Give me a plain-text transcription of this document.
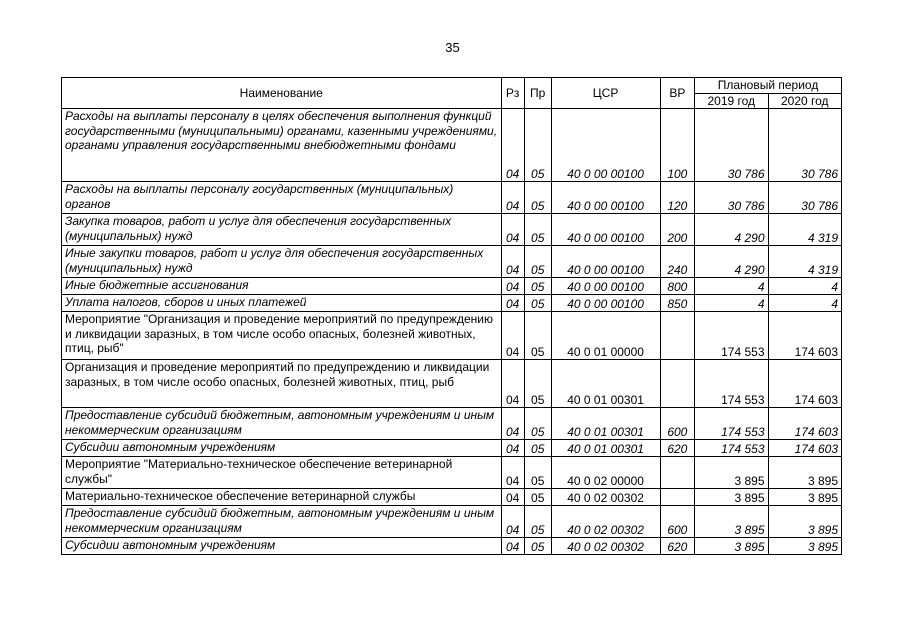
35
Наименование	Рз	Пр	ЦСР	ВР	Плановый период	
					2019 год	2020 год
Расходы на выплаты персоналу в целях обеспечения выполнения функций государственными (муниципальными) органами, казенными учреждениями, органами управления государственными внебюджетными фондами	04	05	40 0 00 00100	100	30 786	30 786
Расходы на выплаты персоналу государственных (муниципальных) органов	04	05	40 0 00 00100	120	30 786	30 786
Закупка товаров, работ и услуг для обеспечения государственных (муниципальных) нужд	04	05	40 0 00 00100	200	4 290	4 319
Иные закупки товаров, работ и услуг для обеспечения государственных (муниципальных) нужд	04	05	40 0 00 00100	240	4 290	4 319
Иные бюджетные ассигнования	04	05	40 0 00 00100	800	4	4
Уплата налогов, сборов и иных платежей	04	05	40 0 00 00100	850	4	4
Мероприятие "Организация и проведение мероприятий по предупреждению и ликвидации заразных, в том числе особо опасных, болезней животных, птиц, рыб"	04	05	40 0 01 00000		174 553	174 603
Организация и проведение мероприятий по предупреждению и ликвидации заразных, в том числе особо опасных, болезней животных, птиц, рыб	04	05	40 0 01 00301		174 553	174 603
Предоставление субсидий бюджетным, автономным учреждениям и иным некоммерческим организациям	04	05	40 0 01 00301	600	174 553	174 603
Субсидии автономным учреждениям	04	05	40 0 01 00301	620	174 553	174 603
Мероприятие "Материально-техническое обеспечение ветеринарной службы"	04	05	40 0 02 00000		3 895	3 895
Материально-техническое обеспечение ветеринарной службы	04	05	40 0 02 00302		3 895	3 895
Предоставление субсидий бюджетным, автономным учреждениям и иным некоммерческим организациям	04	05	40 0 02 00302	600	3 895	3 895
Субсидии автономным учреждениям	04	05	40 0 02 00302	620	3 895	3 895
